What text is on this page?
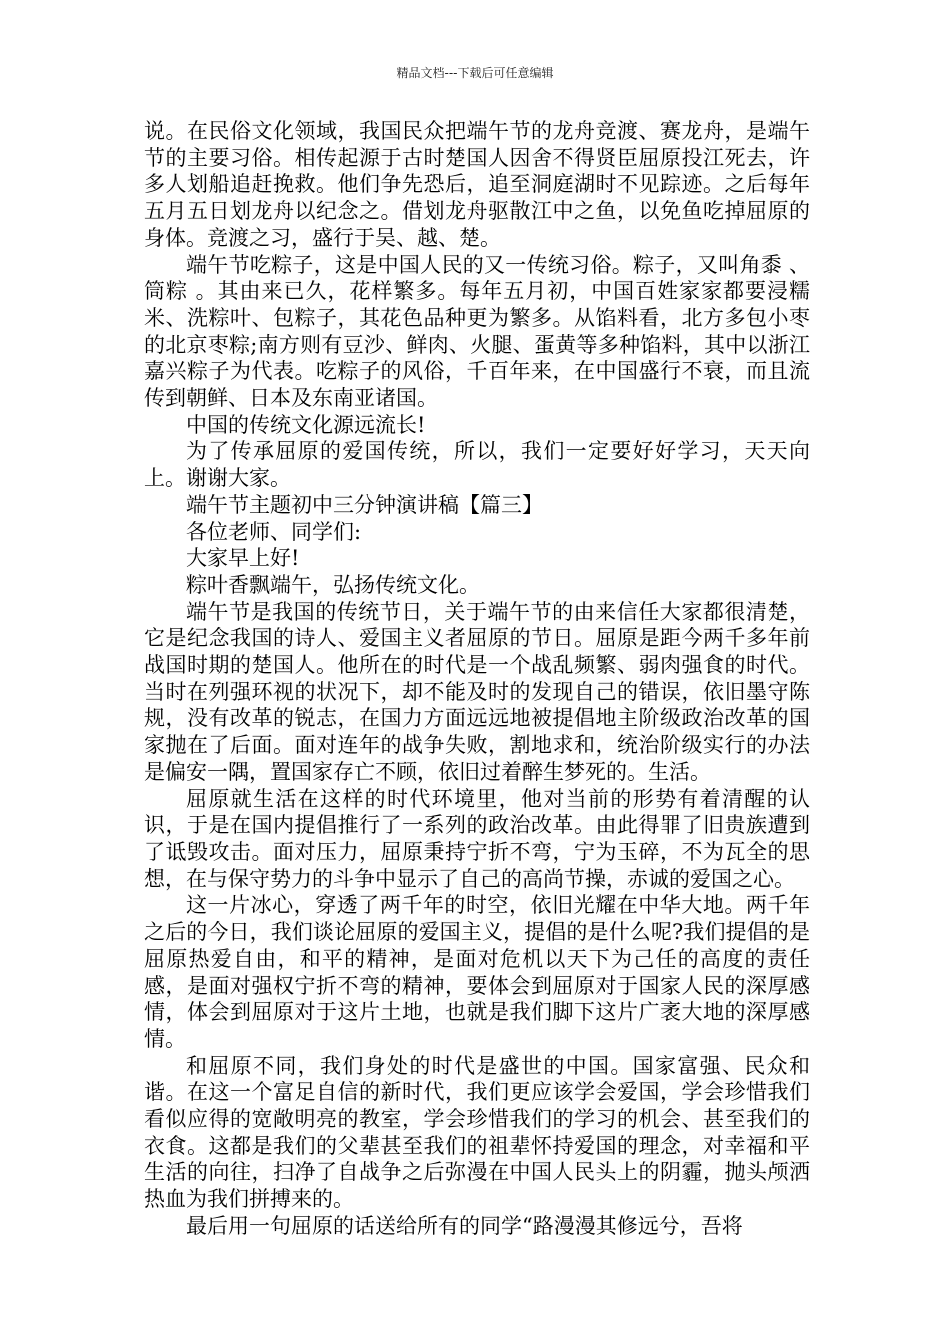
精品文档---下载后可任意编辑

说。在民俗文化领域，我国民众把端午节的龙舟竞渡、赛龙舟，是端午节的主要习俗。相传起源于古时楚国人因舍不得贤臣屈原投江死去，许多人划船追赶挽救。他们争先恐后，追至洞庭湖时不见踪迹。之后每年五月五日划龙舟以纪念之。借划龙舟驱散江中之鱼，以免鱼吃掉屈原的身体。竞渡之习，盛行于吴、越、楚。

端午节吃粽子，这是中国人民的又一传统习俗。粽子，又叫角黍 、 筒粽 。其由来已久，花样繁多。每年五月初，中国百姓家家都要浸糯米、洗粽叶、包粽子，其花色品种更为繁多。从馅料看，北方多包小枣的北京枣粽;南方则有豆沙、鲜肉、火腿、蛋黄等多种馅料，其中以浙江嘉兴粽子为代表。吃粽子的风俗，千百年来，在中国盛行不衰，而且流传到朝鲜、日本及东南亚诸国。

中国的传统文化源远流长!

为了传承屈原的爱国传统，所以，我们一定要好好学习，天天向上。谢谢大家。

端午节主题初中三分钟演讲稿【篇三】

各位老师、同学们:

大家早上好!

粽叶香飘端午，弘扬传统文化。

端午节是我国的传统节日，关于端午节的由来信任大家都很清楚，它是纪念我国的诗人、爱国主义者屈原的节日。屈原是距今两千多年前战国时期的楚国人。他所在的时代是一个战乱频繁、弱肉强食的时代。当时在列强环视的状况下，却不能及时的发现自己的错误，依旧墨守陈规，没有改革的锐志，在国力方面远远地被提倡地主阶级政治改革的国家抛在了后面。面对连年的战争失败，割地求和，统治阶级实行的办法是偏安一隅，置国家存亡不顾，依旧过着醉生梦死的。生活。

屈原就生活在这样的时代环境里，他对当前的形势有着清醒的认识，于是在国内提倡推行了一系列的政治改革。由此得罪了旧贵族遭到了诋毁攻击。面对压力，屈原秉持宁折不弯，宁为玉碎，不为瓦全的思想，在与保守势力的斗争中显示了自己的高尚节操，赤诚的爱国之心。

这一片冰心，穿透了两千年的时空，依旧光耀在中华大地。两千年之后的今日，我们谈论屈原的爱国主义，提倡的是什么呢?我们提倡的是屈原热爱自由，和平的精神，是面对危机以天下为己任的高度的责任感，是面对强权宁折不弯的精神，要体会到屈原对于国家人民的深厚感情，体会到屈原对于这片土地，也就是我们脚下这片广袤大地的深厚感情。

和屈原不同，我们身处的时代是盛世的中国。国家富强、民众和谐。在这一个富足自信的新时代，我们更应该学会爱国，学会珍惜我们看似应得的宽敞明亮的教室，学会珍惜我们的学习的机会、甚至我们的衣食。这都是我们的父辈甚至我们的祖辈怀持爱国的理念，对幸福和平生活的向往，扫净了自战争之后弥漫在中国人民头上的阴霾，抛头颅洒热血为我们拼搏来的。

最后用一句屈原的话送给所有的同学“路漫漫其修远兮，吾将
